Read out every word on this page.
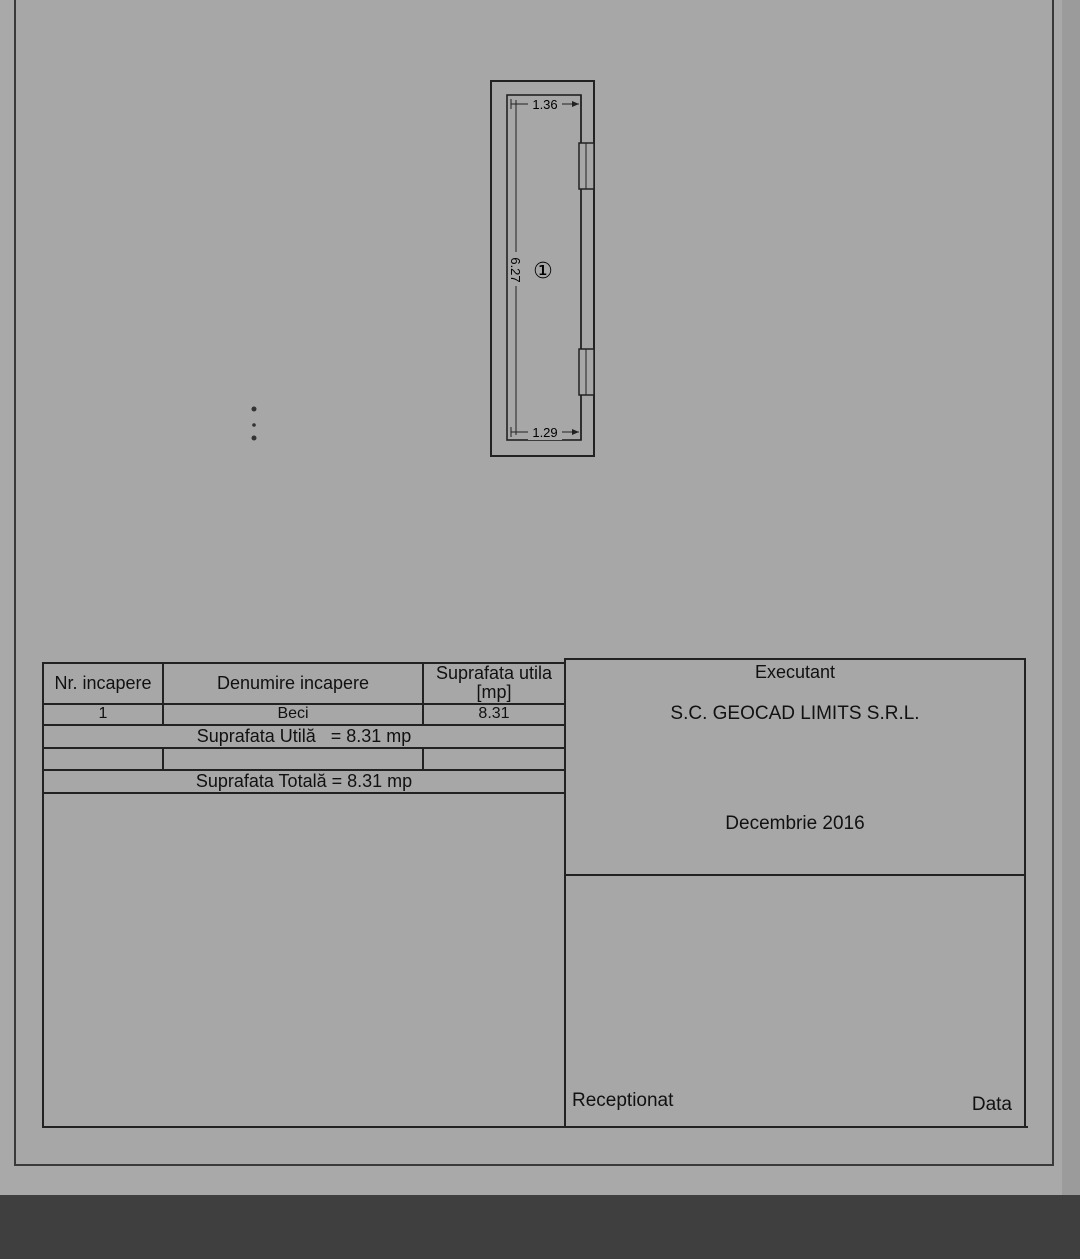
1.36
1.29
6.27 ①
Nr. incapere	Denumire incapere	Suprafata utila
[mp]
1	Beci	8.31
Suprafata Utilă   = 8.31 mp
Suprafata Totală = 8.31 mp
Executant
S.C. GEOCAD LIMITS S.R.L.
Decembrie 2016
Receptionat	Data
